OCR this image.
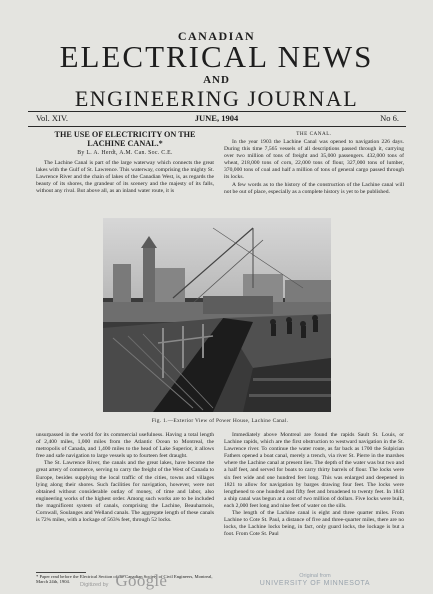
CANADIAN
ELECTRICAL NEWS
AND
ENGINEERING JOURNAL
Vol. XIV.	JUNE, 1904	No 6.
THE USE OF ELECTRICITY ON THE
LACHINE CANAL.*
By L. A. Herdt, A.M. Can. Soc. C.E.

The Lachine Canal is part of the large waterway which connects the great lakes with the Gulf of St. Lawrence. This waterway, comprising the mighty St. Lawrence River and the chain of lakes of the Canadian West, is, as regards the beauty of its shores, the grandeur of its scenery and the majesty of its falls, without any rival. But above all, as an inland water route, it is

THE CANAL.

In the year 1903 the Lachine Canal was opened to navigation 226 days. During this time 7,565 vessels of all descriptions passed through it, carrying over two million of tons of freight and 35,000 passengers. 432,000 tons of wheat, 218,000 tons of corn, 22,000 tons of flour, 327,000 tons of lumber, 370,000 tons of coal and half a million of tons of general cargo passed through its locks.

A few words as to the history of the construction of the Lachine canal will not be out of place, especially as a complete history is yet to be published.

Fig. 1.—Exterior View of Power House, Lachine Canal.

unsurpassed in the world for its commercial usefulness. Having a total length of 2,400 miles, 1,000 miles from the Atlantic Ocean to Montreal, the metropolis of Canada, and 1,400 miles to the head of Lake Superior, it allows free and safe navigation to large vessels up to fourteen feet draught.

The St. Lawrence River, the canals and the great lakes, have become the great artery of commerce, serving to carry the freight of the West of Canada to Europe, besides supplying the local traffic of the cities, towns and villages lying along their shores. Such facilities for navigation, however, were not obtained without considerable outlay of money, of time and labor, also engineering works of the highest order. Among such works are to be included the magnificent system of canals, comprising the Lachine, Beauharnois, Cornwall, Soulanges and Welland canals. The aggregate length of these canals is 72¾ miles, with a lockage of 563¾ feet, through 52 locks.

* Paper read before the Electrical Section of the Canadian Society of Civil Engineers, Montreal, March 24th, 1904.

Immediately above Montreal are found the rapids Sault St. Louis, or Lachine rapids, which are the first obstruction to westward navigation in the St. Lawrence river. To continue the water route, as far back as 1700 the Sulpician Fathers opened a boat canal, merely a trench, via river St. Pierre in the marshes where the Lachine canal at present lies. The depth of the water was but two and a half feet, and served for boats to carry thirty barrels of flour. The locks were six feet wide and one hundred feet long. This was enlarged and deepened in 1821 to allow for navigation by barges drawing four feet. The locks were lengthened to one hundred and fifty feet and broadened to twenty feet. In 1843 a ship canal was begun at a cost of two million of dollars. Five locks were built, each 2,000 feet long and nine feet of water on the sills.

The length of the Lachine canal is eight and three quarter miles. From Lachine to Cote St. Paul, a distance of five and three-quarter miles, there are no locks, the Lachine locks being, in fact, only guard locks, the lockage is but a foot. From Cote St. Paul

Digitized by Google	Original from
UNIVERSITY OF MINNESOTA
